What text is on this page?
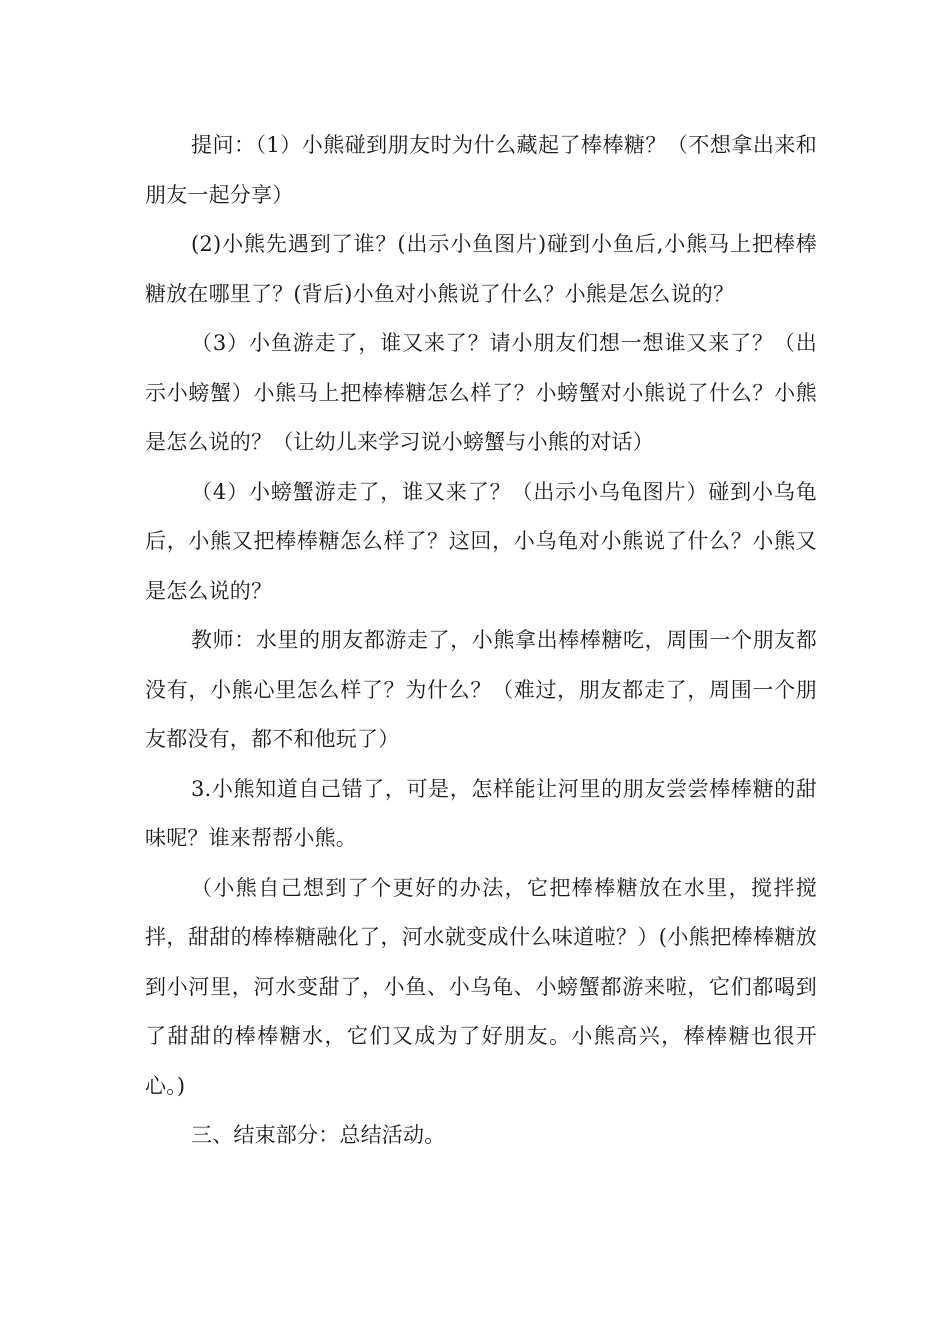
提问：（1）小熊碰到朋友时为什么藏起了棒棒糖？（不想拿出来和朋友一起分享）

(2)小熊先遇到了谁？(出示小鱼图片)碰到小鱼后,小熊马上把棒棒糖放在哪里了？(背后)小鱼对小熊说了什么？小熊是怎么说的？

（3）小鱼游走了，谁又来了？请小朋友们想一想谁又来了？（出示小螃蟹）小熊马上把棒棒糖怎么样了？小螃蟹对小熊说了什么？小熊是怎么说的？（让幼儿来学习说小螃蟹与小熊的对话）

（4）小螃蟹游走了，谁又来了？（出示小乌龟图片）碰到小乌龟后，小熊又把棒棒糖怎么样了？这回，小乌龟对小熊说了什么？小熊又是怎么说的？

教师：水里的朋友都游走了，小熊拿出棒棒糖吃，周围一个朋友都没有，小熊心里怎么样了？为什么？（难过，朋友都走了，周围一个朋友都没有，都不和他玩了）

3.小熊知道自己错了，可是，怎样能让河里的朋友尝尝棒棒糖的甜味呢？谁来帮帮小熊。

（小熊自己想到了个更好的办法，它把棒棒糖放在水里，搅拌搅拌，甜甜的棒棒糖融化了，河水就变成什么味道啦？）(小熊把棒棒糖放到小河里，河水变甜了，小鱼、小乌龟、小螃蟹都游来啦，它们都喝到了甜甜的棒棒糖水，它们又成为了好朋友。小熊高兴，棒棒糖也很开心。)

三、结束部分：总结活动。
